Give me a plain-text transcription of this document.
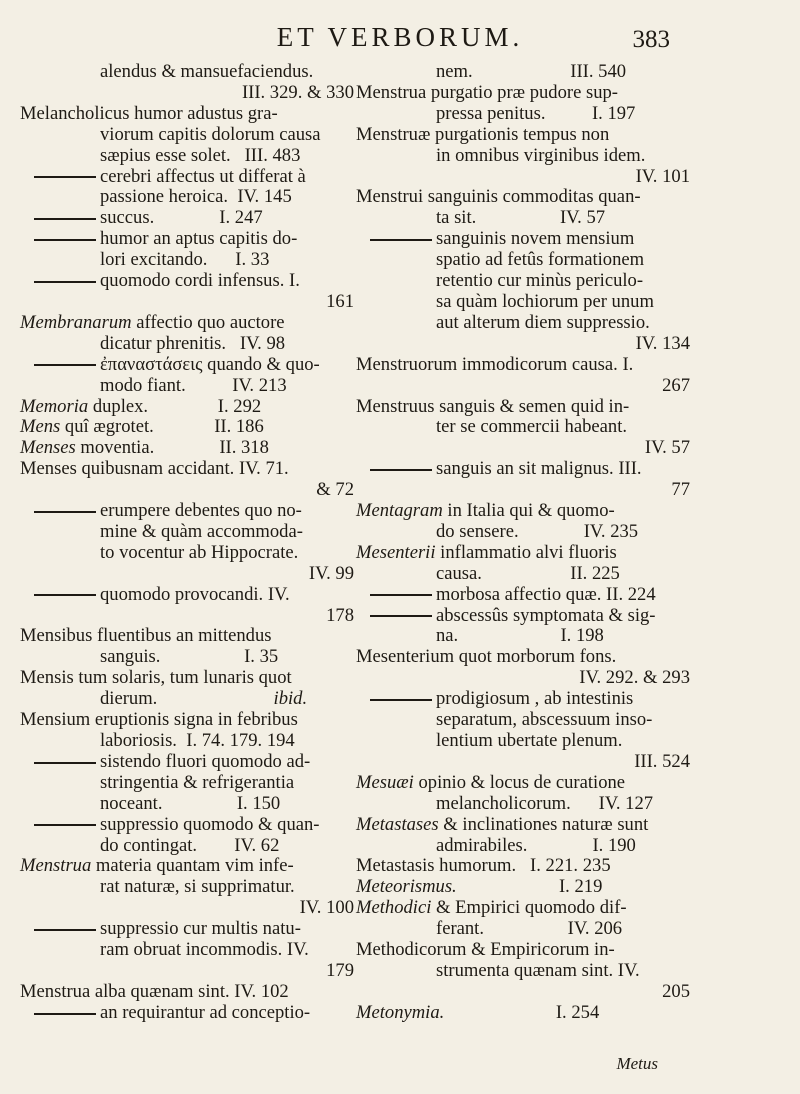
ET VERBORUM.	383
alendus & mansuefaciendus.
III. 329. & 330
Melancholicus humor adustus gra-
viorum capitis dolorum causa
sæpius esse solet.   III. 483
cerebri affectus ut differat à
passione heroica.  IV. 145
succus.              I. 247
humor an aptus capitis do-
lori excitando.      I. 33
quomodo cordi infensus. I.
161
Membranarum affectio quo auctore
dicatur phrenitis.   IV. 98
ἐπαναστάσεις quando & quo-
modo fiant.          IV. 213
Memoria duplex.               I. 292
Mens quî ægrotet.             II. 186
Menses moventia.              II. 318
Menses quibusnam accidant. IV. 71.
& 72
erumpere debentes quo no-
mine & quàm accommoda-
to vocentur ab Hippocrate.
IV. 99
quomodo provocandi. IV.
178
Mensibus fluentibus an mittendus
sanguis.                  I. 35
Mensis tum solaris, tum lunaris quot
dierum.	ibid.
Mensium eruptionis signa in febribus
laboriosis.  I. 74. 179. 194
sistendo fluori quomodo ad-
stringentia & refrigerantia
noceant.                I. 150
suppressio quomodo & quan-
do contingat.        IV. 62
Menstrua materia quantam vim infe-
rat naturæ, si supprimatur.
IV. 100
suppressio cur multis natu-
ram obruat incommodis. IV.
179
Menstrua alba quænam sint. IV. 102
an requirantur ad conceptio-
nem.                     III. 540
Menstrua purgatio præ pudore sup-
pressa penitus.          I. 197
Menstruæ purgationis tempus non
in omnibus virginibus idem.
IV. 101
Menstrui sanguinis commoditas quan-
ta sit.                  IV. 57
sanguinis novem mensium
spatio ad fetûs formationem
retentio cur minùs periculo-
sa quàm lochiorum per unum
aut alterum diem suppressio.
IV. 134
Menstruorum immodicorum causa. I.
267
Menstruus sanguis & semen quid in-
ter se commercii habeant.
IV. 57
sanguis an sit malignus. III.
77
Mentagram in Italia qui & quomo-
do sensere.              IV. 235
Mesenterii inflammatio alvi fluoris
causa.                   II. 225
morbosa affectio quæ. II. 224
abscessûs symptomata & sig-
na.                      I. 198
Mesenterium quot morborum fons.
IV. 292. & 293
prodigiosum , ab intestinis
separatum, abscessuum inso-
lentium ubertate plenum.
III. 524
Mesuæi opinio & locus de curatione
melancholicorum.      IV. 127
Metastases & inclinationes naturæ sunt
admirabiles.              I. 190
Metastasis humorum.   I. 221. 235
Meteorismus.                      I. 219
Methodici & Empirici quomodo dif-
ferant.                  IV. 206
Methodicorum & Empiricorum in-
strumenta quænam sint. IV.
205
Metonymia.                        I. 254
Metus
